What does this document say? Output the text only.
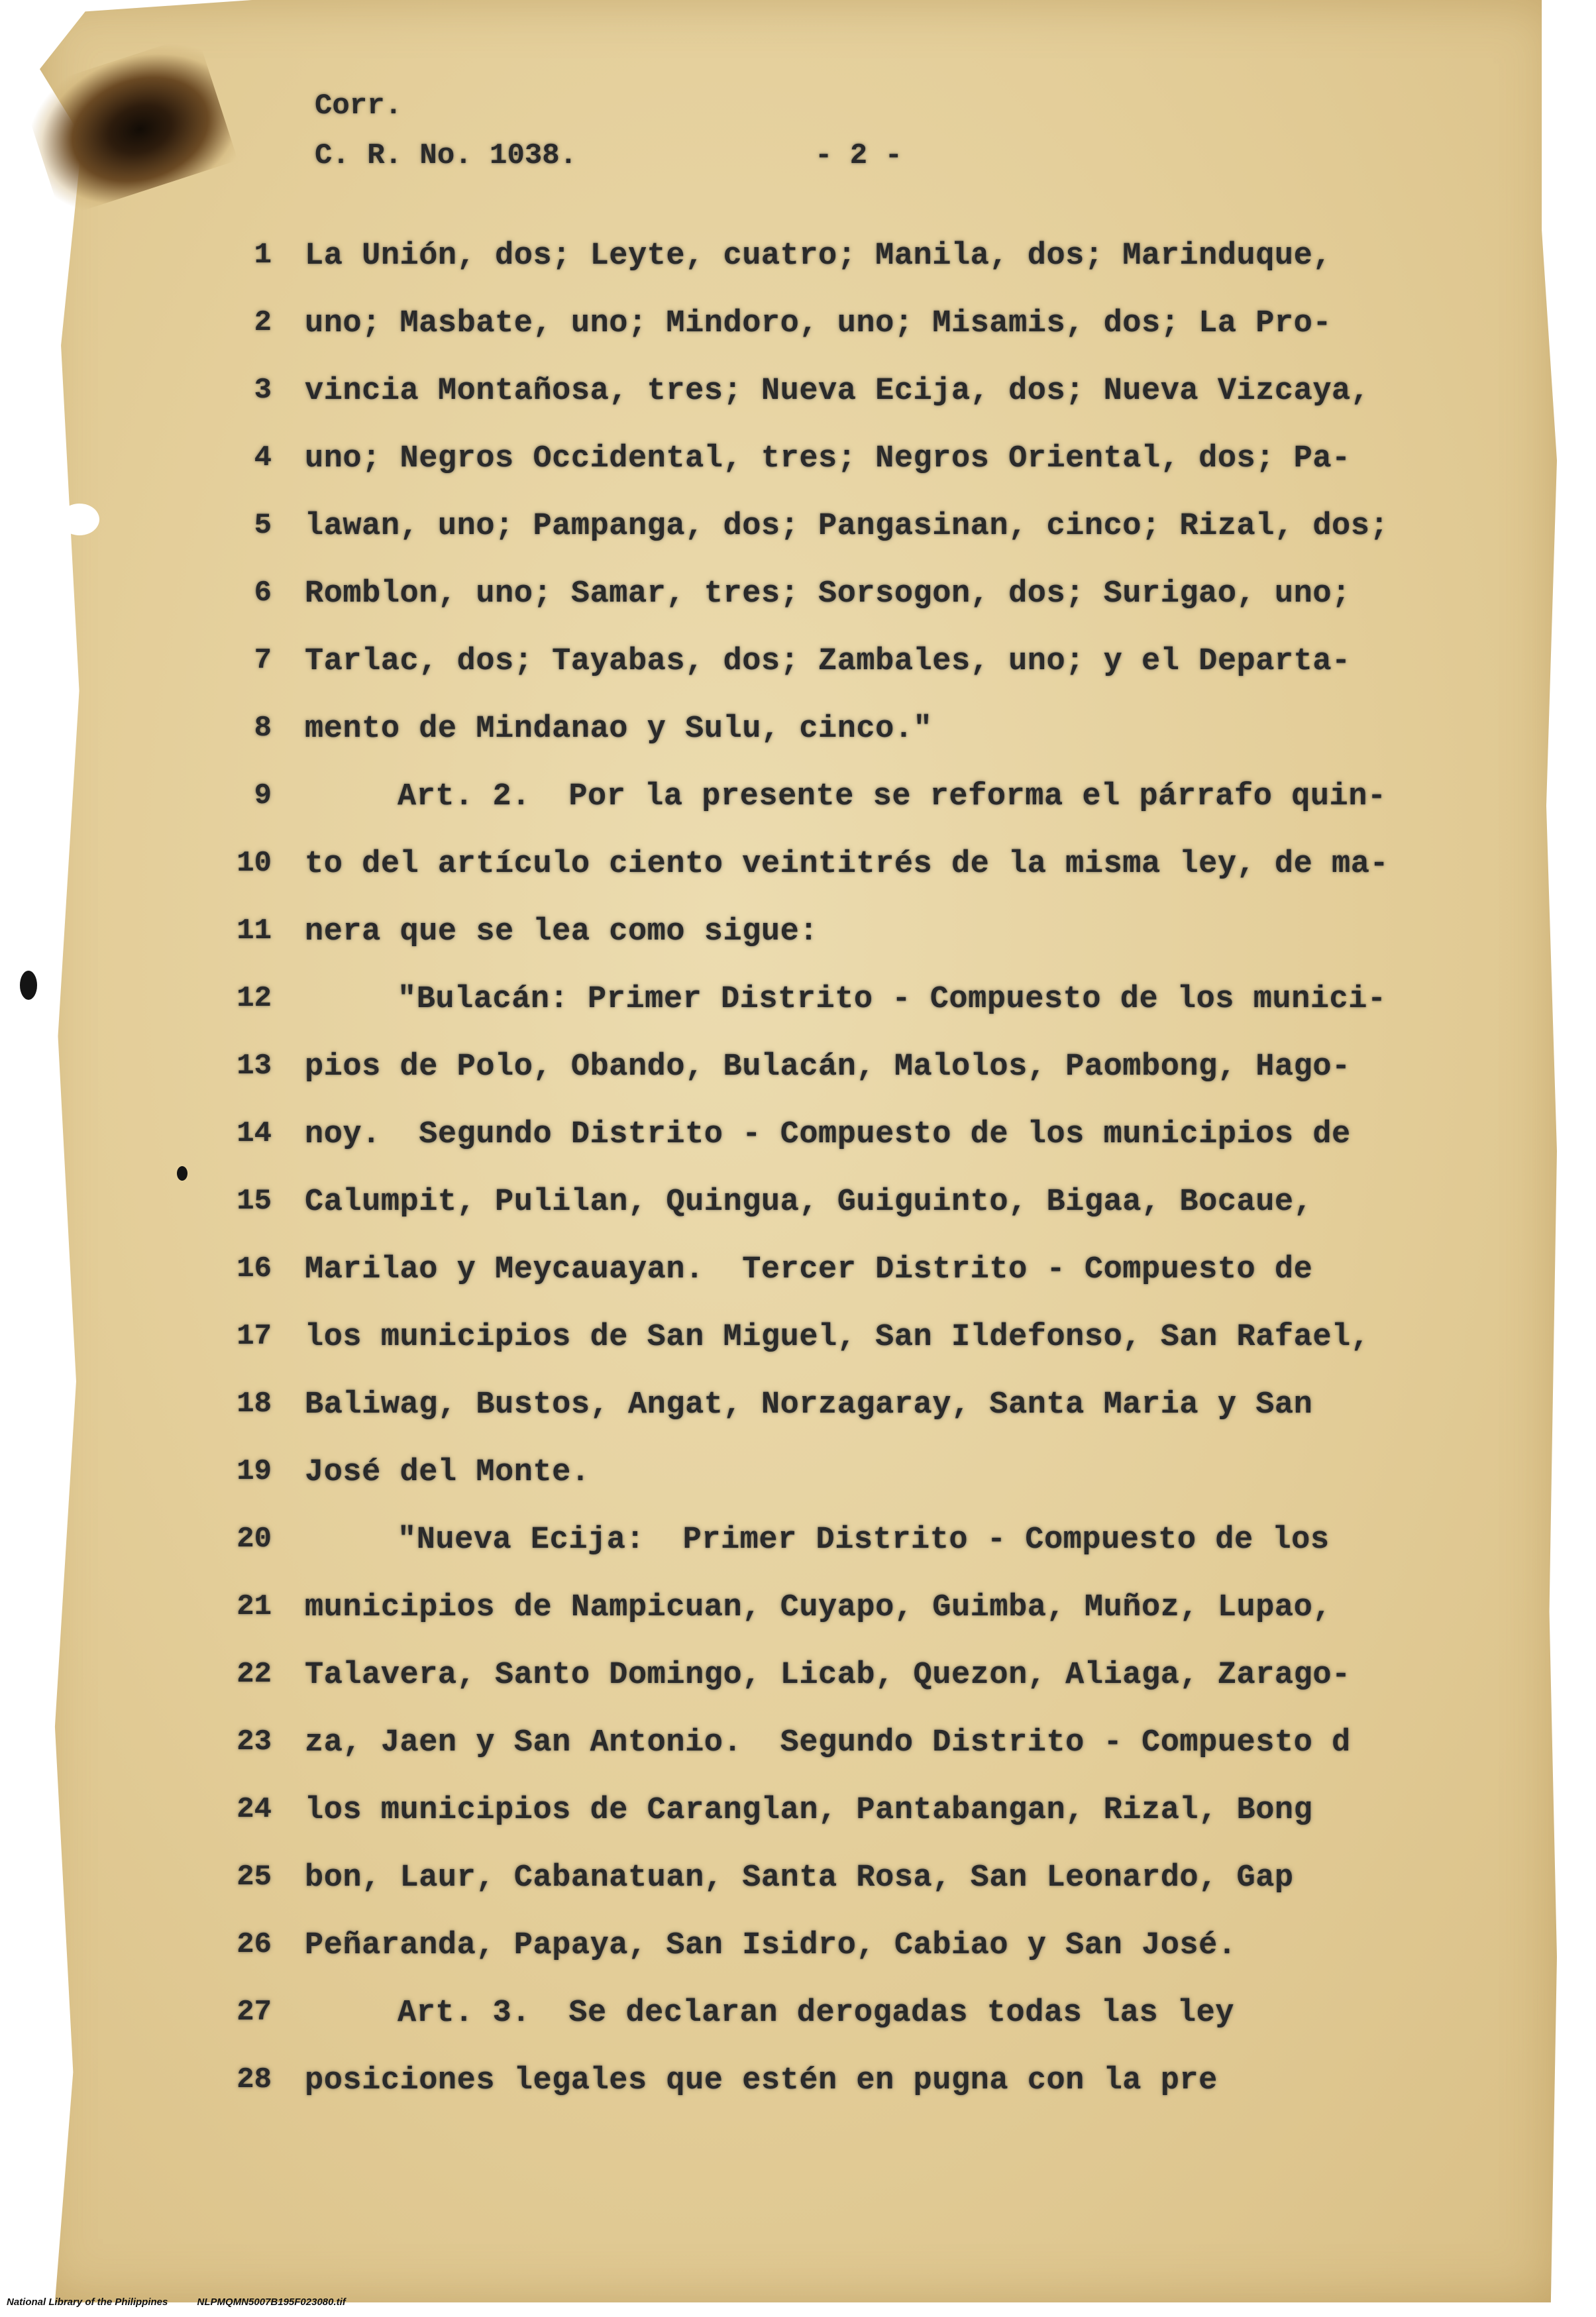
Corr.

C. R. No. 1038.	- 2 -

1 La Unión, dos; Leyte, cuatro; Manila, dos; Marinduque,
2 uno; Masbate, uno; Mindoro, uno; Misamis, dos; La Pro-
3 vincia Montañosa, tres; Nueva Ecija, dos; Nueva Vizcaya,
4 uno; Negros Occidental, tres; Negros Oriental, dos; Pa-
5 lawan, uno; Pampanga, dos; Pangasinan, cinco; Rizal, dos;
6 Romblon, uno; Samar, tres; Sorsogon, dos; Surigao, uno;
7 Tarlac, dos; Tayabas, dos; Zambales, uno; y el Departa-
8 mento de Mindanao y Sulu, cinco."
9	Art. 2.  Por la presente se reforma el párrafo quin-
10 to del artículo ciento veintitrés de la misma ley, de ma-
11 nera que se lea como sigue:
12	"Bulacán: Primer Distrito - Compuesto de los munici-
13 pios de Polo, Obando, Bulacán, Malolos, Paombong, Hago-
14 noy.  Segundo Distrito - Compuesto de los municipios de
15 Calumpit, Pulilan, Quingua, Guiguinto, Bigaa, Bocaue,
16 Marilao y Meycauayan.  Tercer Distrito - Compuesto de
17 los municipios de San Miguel, San Ildefonso, San Rafael,
18 Baliwag, Bustos, Angat, Norzagaray, Santa Maria y San
19 José del Monte.
20	"Nueva Ecija:  Primer Distrito - Compuesto de los
21 municipios de Nampicuan, Cuyapo, Guimba, Muñoz, Lupao,
22 Talavera, Santo Domingo, Licab, Quezon, Aliaga, Zarago-
23 za, Jaen y San Antonio.  Segundo Distrito - Compuesto d
24 los municipios de Caranglan, Pantabangan, Rizal, Bong
25 bon, Laur, Cabanatuan, Santa Rosa, San Leonardo, Gap
26 Peñaranda, Papaya, San Isidro, Cabiao y San José.
27	Art. 3.  Se declaran derogadas todas las ley
28 posiciones legales que estén en pugna con la pre
National Library of the Philippines	NLPMQMN5007B195F023080.tif
